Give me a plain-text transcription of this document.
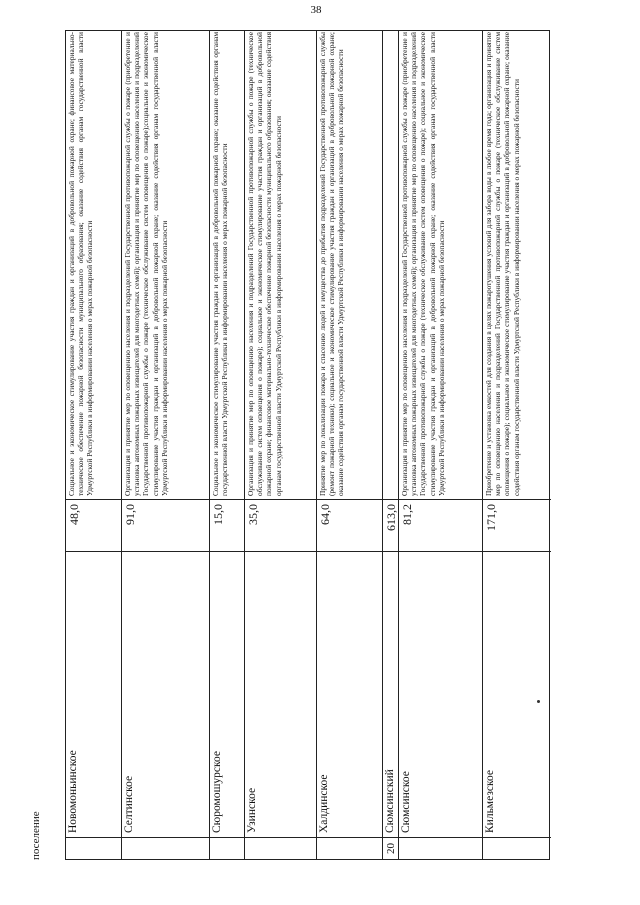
38
Новомоньинское
48,0
Социальное и экономическое стимулирование участия граждан и организаций в добровольной пожарной охране; финансовое материально-техническое обеспечение пожарной безопасности муниципального образования; оказание содействия органам государственной власти Удмуртской Республики в информировании населения о мерах пожарной безопасности
Селтинское
91,0
Организация и принятие мер по оповещению населения и подразделений Государственной противопожарной службы о пожаре (приобретение и установка автономных пожарных извещателей для многодетных семей); организация и принятие мер по оповещению населения и подразделений Государственной противопожарной службы о пожаре (техническое обслуживание систем оповещения о пожаре);социальное и экономическое стимулирование участия граждан и организаций в добровольной пожарной охране; оказание содействия органам государственной власти Удмуртской Республики в информировании населения о мерах пожарной безопасности
Сюромошурское
15,0
Социальное и экономическое стимулирование участия граждан и организаций в добровольной пожарной охране; оказание содействия органам государственной власти Удмуртской Республики в информировании населения о мерах пожарной безопасности
Узинское
35,0
Организация и принятие мер по оповещению населения и подразделений Государственной противопожарной службы о пожаре (техническое обслуживание систем оповещения о пожаре); социальное и экономическое стимулирование участия граждан и организаций в добровольной пожарной охране; финансовое материально-техническое обеспечение пожарной безопасности муниципального образования; оказание содействия органам государственной власти Удмуртской Республики в информировании населения о мерах пожарной безопасности
Халдинское
64,0
Принятие мер по локализации пожара и спасению людей и имущества до прибытия подразделений Государственной противопожарной службы (ремонт пожарной техники); социальное и экономическое стимулирование участия граждан и организаций в добровольной пожарной охране; оказание содействия органам государственной власти Удмуртской Республики в информировании населения о мерах пожарной безопасности
20
Сюмсинский
613,0
Сюмсинское
81,2
Организация и принятие мер по оповещению населения и подразделений Государственной противопожарной службы о пожаре (приобретение и установка автономных пожарных извещателей для многодетных семей); организация и принятие мер по оповещению населения и подразделений Государственной противопожарной службы о пожаре (техническое обслуживание систем оповещения о пожаре); социальное и экономическое стимулирование участия граждан и организаций в добровольной пожарной охране; оказание содействия органам государственной власти Удмуртской Республики в информировании населения о мерах пожарной безопасности
Кильмезское
171,0
Приобретение и установка емкостей для создания в целях пожаротушения условий для забора воды в любое время года; организация и принятие мер по оповещению населения и подразделений Государственной противопожарной службы о пожаре (техническое обслуживание систем оповещения о пожаре); социальное и экономическое стимулирование участия граждан и организаций в добровольной пожарной охране; оказание содействия органам государственной власти Удмуртской Республики в информировании населения о мерах пожарной безопасности
поселение
